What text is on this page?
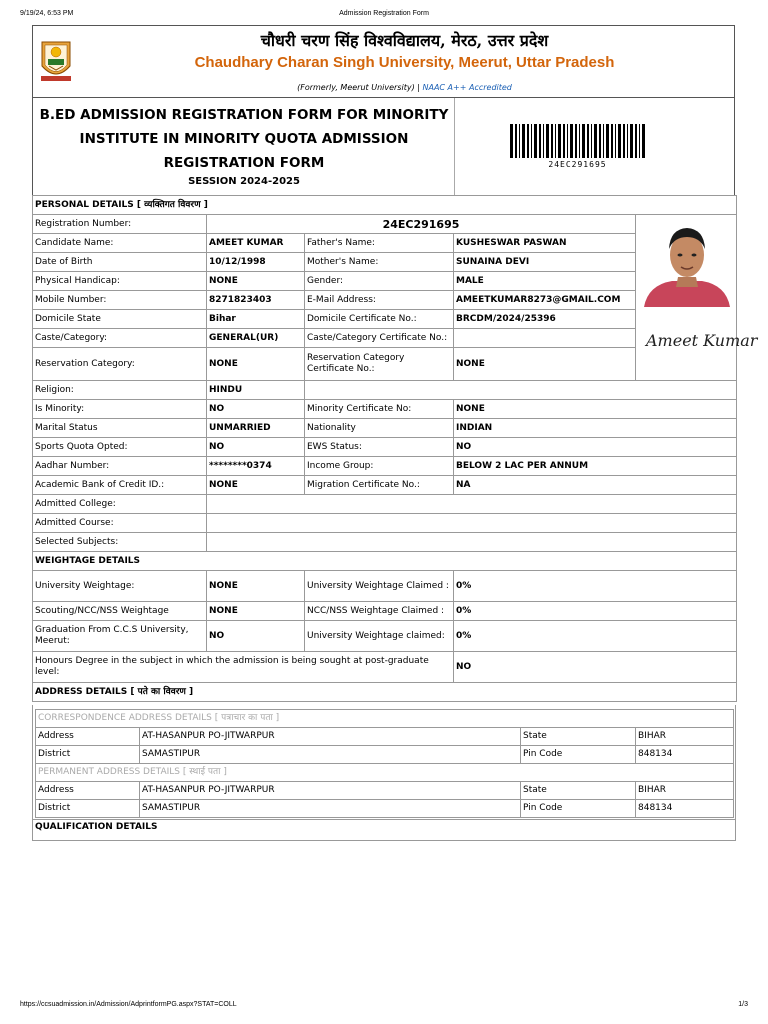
9/19/24, 6:53 PM	Admission Registration Form
चौधरी चरण सिंह विश्वविद्यालय, मेरठ, उत्तर प्रदेश
Chaudhary Charan Singh University, Meerut, Uttar Pradesh
(Formerly, Meerut University) | NAAC A++ Accredited
B.ED ADMISSION REGISTRATION FORM FOR MINORITY
INSTITUTE IN MINORITY QUOTA ADMISSION
REGISTRATION FORM
SESSION 2024-2025
24EC291695
PERSONAL DETAILS [ व्यक्तिगत विवरण ]				
Registration Number:	24EC291695			
Candidate Name:	AMEET KUMAR	Father's Name:	KUSHESWAR PASWAN	
Date of Birth	10/12/1998	Mother's Name:	SUNAINA DEVI	
Physical Handicap:	NONE	Gender:	MALE	
Mobile Number:	8271823403	E-Mail Address:	AMEETKUMAR8273@GMAIL.COM	
Domicile State	Bihar	Domicile Certificate No.:	BRCDM/2024/25396	
Caste/Category:	GENERAL(UR)	Caste/Category Certificate No.:		
Reservation Category:	NONE	Reservation Category Certificate No.:	NONE	
Religion:	HINDU			
Is Minority:	NO	Minority Certificate No:	NONE	
Marital Status	UNMARRIED	Nationality	INDIAN	
Sports Quota Opted:	NO	EWS Status:	NO	
Aadhar Number:	********0374	Income Group:	BELOW 2 LAC PER ANNUM	
Academic Bank of Credit ID.:	NONE	Migration Certificate No.:	NA	
Admitted College:				
Admitted Course:				
Selected Subjects:				
WEIGHTAGE DETAILS				
University Weightage:	NONE	University Weightage Claimed :	0%	
Scouting/NCC/NSS Weightage	NONE	NCC/NSS Weightage Claimed :	0%	
Graduation From C.C.S University, Meerut:	NO	University Weightage claimed:	0%	
Honours Degree in the subject in which the admission is being sought at post-graduate level:			NO	
ADDRESS DETAILS [ पते का विवरण ]				
Ameet Kumar
CORRESPONDENCE ADDRESS DETAILS [ पत्राचार का पता ]			
Address	AT-HASANPUR PO-JITWARPUR	State	BIHAR
District	SAMASTIPUR	Pin Code	848134
PERMANENT ADDRESS DETAILS [ स्थाई पता ]			
Address	AT-HASANPUR PO-JITWARPUR	State	BIHAR
District	SAMASTIPUR	Pin Code	848134
QUALIFICATION DETAILS
https://ccsuadmission.in/Admission/AdprintformPG.aspx?STAT=COLL	1/3
